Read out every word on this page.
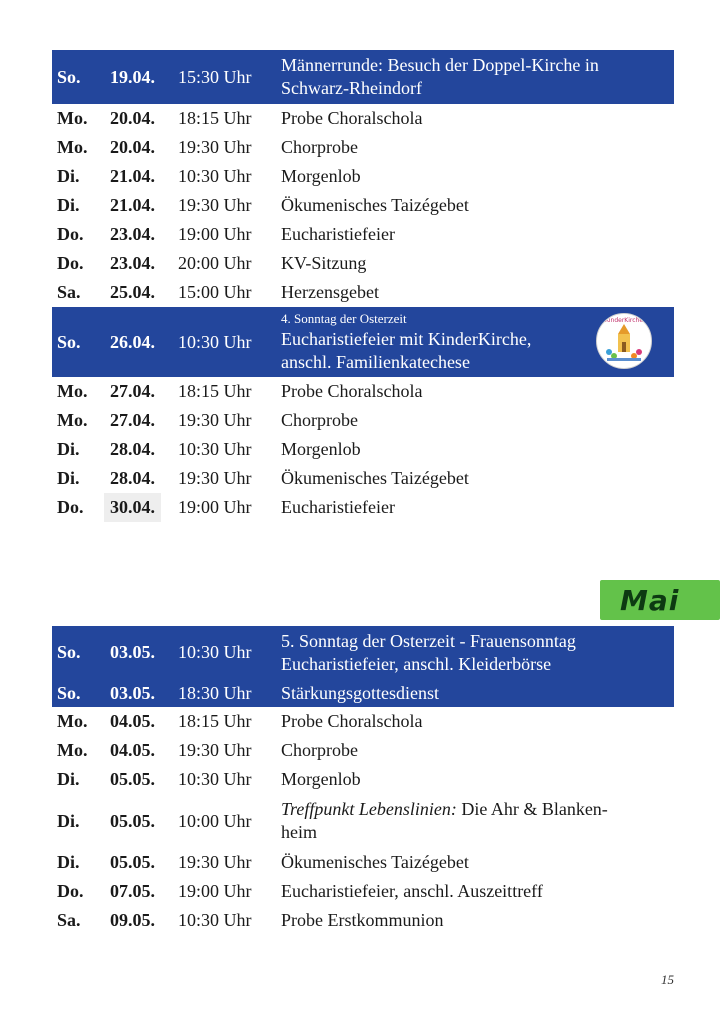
So. 19.04. 15:30 Uhr
Männerrunde: Besuch der Doppel-Kirche in
Schwarz-Rheindorf
Mo. 20.04. 18:15 Uhr Probe Choralschola
Mo. 20.04. 19:30 Uhr Chorprobe
Di. 21.04. 10:30 Uhr Morgenlob
Di. 21.04. 19:30 Uhr Ökumenisches Taizégebet
Do. 23.04. 19:00 Uhr Eucharistiefeier
Do. 23.04. 20:00 Uhr KV-Sitzung
Sa. 25.04. 15:00 Uhr Herzensgebet
So. 26.04. 10:30 Uhr
4. Sonntag der Osterzeit
Eucharistiefeier mit KinderKirche,
anschl. Familienkatechese
KinderKirche
Mo. 27.04. 18:15 Uhr Probe Choralschola
Mo. 27.04. 19:30 Uhr Chorprobe
Di. 28.04. 10:30 Uhr Morgenlob
Di. 28.04. 19:30 Uhr Ökumenisches Taizégebet
Do.	30.04.	19:00 Uhr Eucharistiefeier
Mai
So. 03.05. 10:30 Uhr
5. Sonntag der Osterzeit - Frauensonntag
Eucharistiefeier, anschl. Kleiderbörse
So. 03.05. 18:30 Uhr Stärkungsgottesdienst
Mo. 04.05. 18:15 Uhr Probe Choralschola
Mo. 04.05. 19:30 Uhr Chorprobe
Di. 05.05. 10:30 Uhr Morgenlob
Di. 05.05. 10:00 Uhr
Treffpunkt Lebenslinien: Die Ahr & Blanken-
heim
Di. 05.05. 19:30 Uhr Ökumenisches Taizégebet
Do. 07.05. 19:00 Uhr Eucharistiefeier, anschl. Auszeittreff
Sa. 09.05. 10:30 Uhr Probe Erstkommunion
15
